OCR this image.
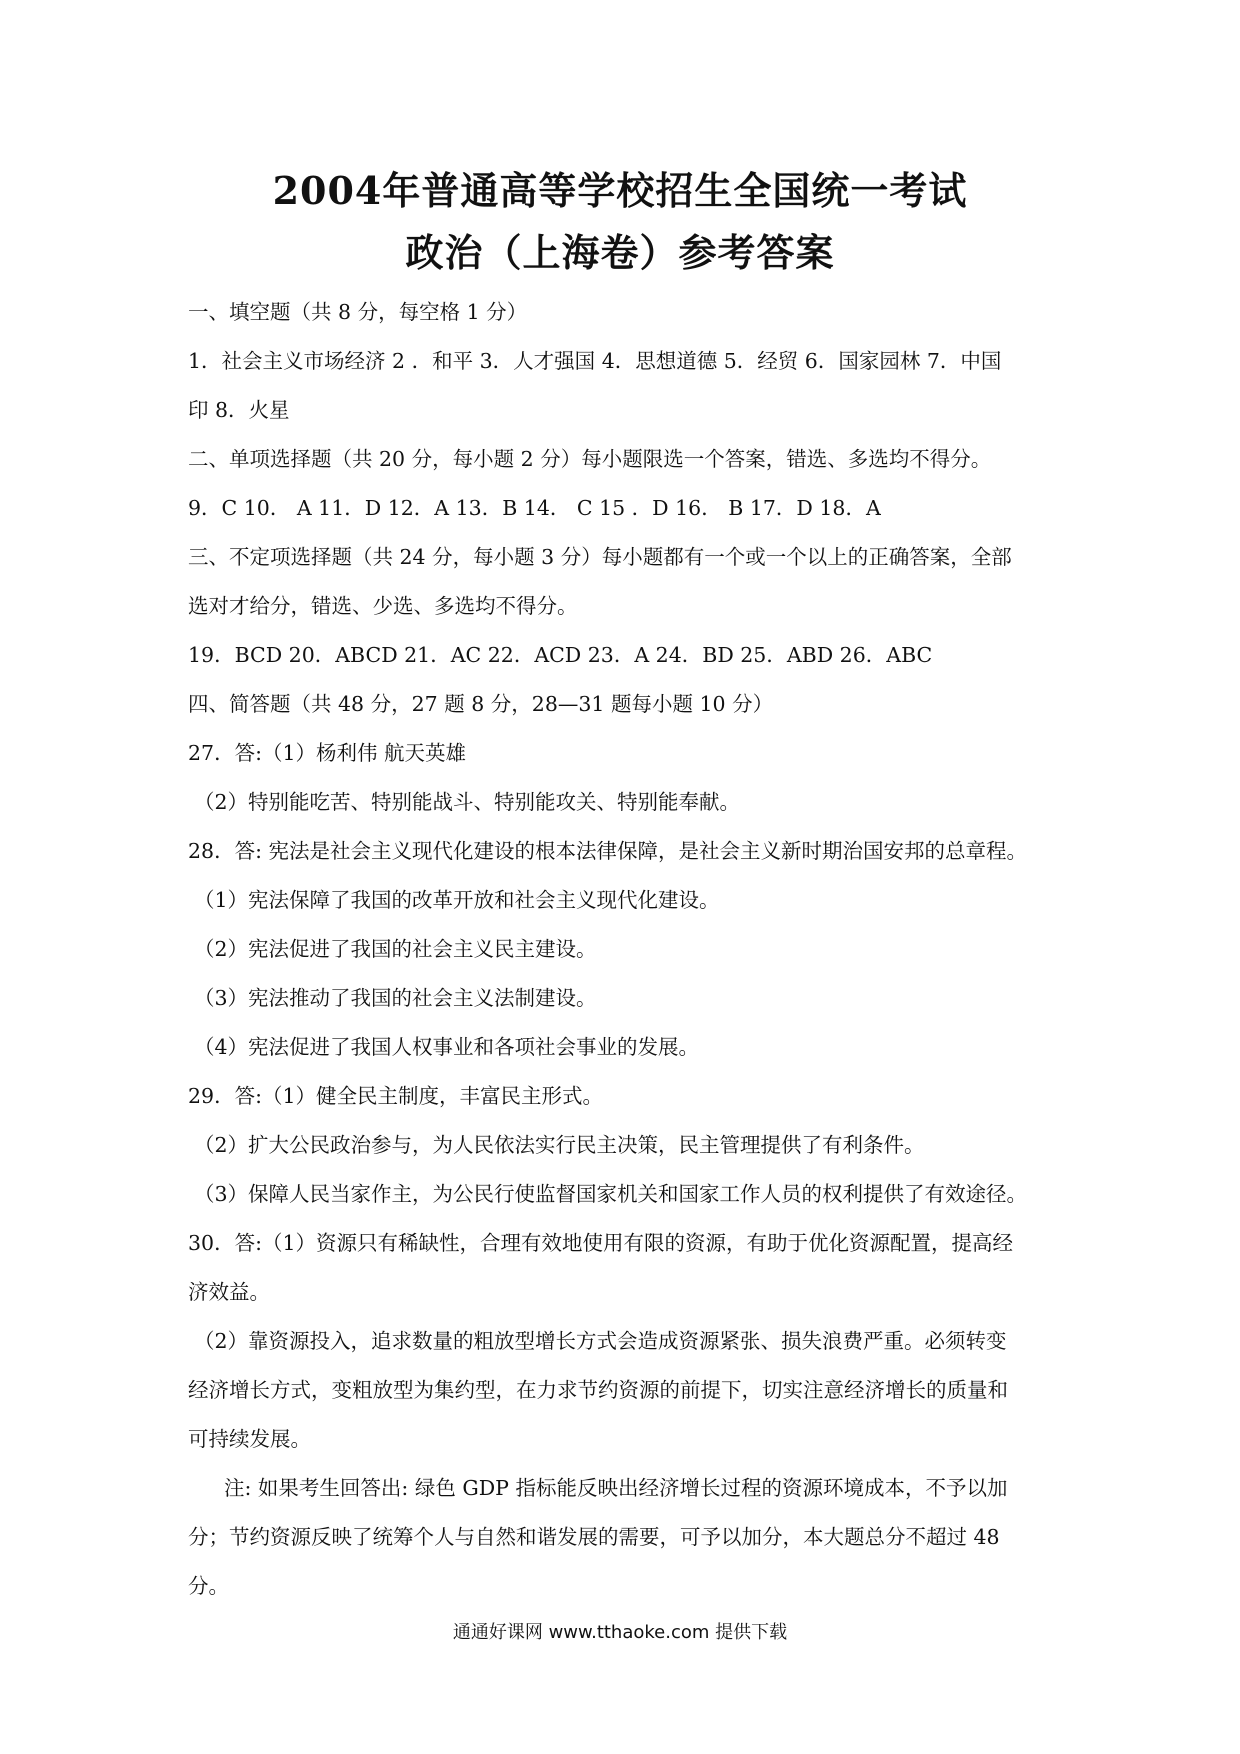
2004年普通高等学校招生全国统一考试
政治（上海卷）参考答案
一、填空题（共 8 分，每空格 1 分）
1．社会主义市场经济 2 ．和平 3．人才强国 4．思想道德 5．经贸 6．国家园林 7．中国
印 8．火星
二、单项选择题（共 20 分，每小题 2 分）每小题限选一个答案，错选、多选均不得分。
9．C 10． A 11．D 12．A 13．B 14． C 15 ．D 16． B 17．D 18．A
三、不定项选择题（共 24 分，每小题 3 分）每小题都有一个或一个以上的正确答案，全部
选对才给分，错选、少选、多选均不得分。
19．BCD 20．ABCD 21．AC 22．ACD 23．A 24．BD 25．ABD 26．ABC
四、简答题（共 48 分，27 题 8 分，28—31 题每小题 10 分）
27．答:（1）杨利伟 航天英雄
（2）特别能吃苦、特别能战斗、特别能攻关、特别能奉献。
28．答: 宪法是社会主义现代化建设的根本法律保障，是社会主义新时期治国安邦的总章程。
（1）宪法保障了我国的改革开放和社会主义现代化建设。
（2）宪法促进了我国的社会主义民主建设。
（3）宪法推动了我国的社会主义法制建设。
（4）宪法促进了我国人权事业和各项社会事业的发展。
29．答:（1）健全民主制度，丰富民主形式。
（2）扩大公民政治参与，为人民依法实行民主决策，民主管理提供了有利条件。
（3）保障人民当家作主，为公民行使监督国家机关和国家工作人员的权利提供了有效途径。
30．答:（1）资源只有稀缺性，合理有效地使用有限的资源，有助于优化资源配置，提高经
济效益。
（2）靠资源投入，追求数量的粗放型增长方式会造成资源紧张、损失浪费严重。必须转变
经济增长方式，变粗放型为集约型，在力求节约资源的前提下，切实注意经济增长的质量和
可持续发展。
注: 如果考生回答出: 绿色 GDP 指标能反映出经济增长过程的资源环境成本，不予以加
分；节约资源反映了统筹个人与自然和谐发展的需要，可予以加分，本大题总分不超过 48
分。
通通好课网 www.tthaoke.com 提供下载
